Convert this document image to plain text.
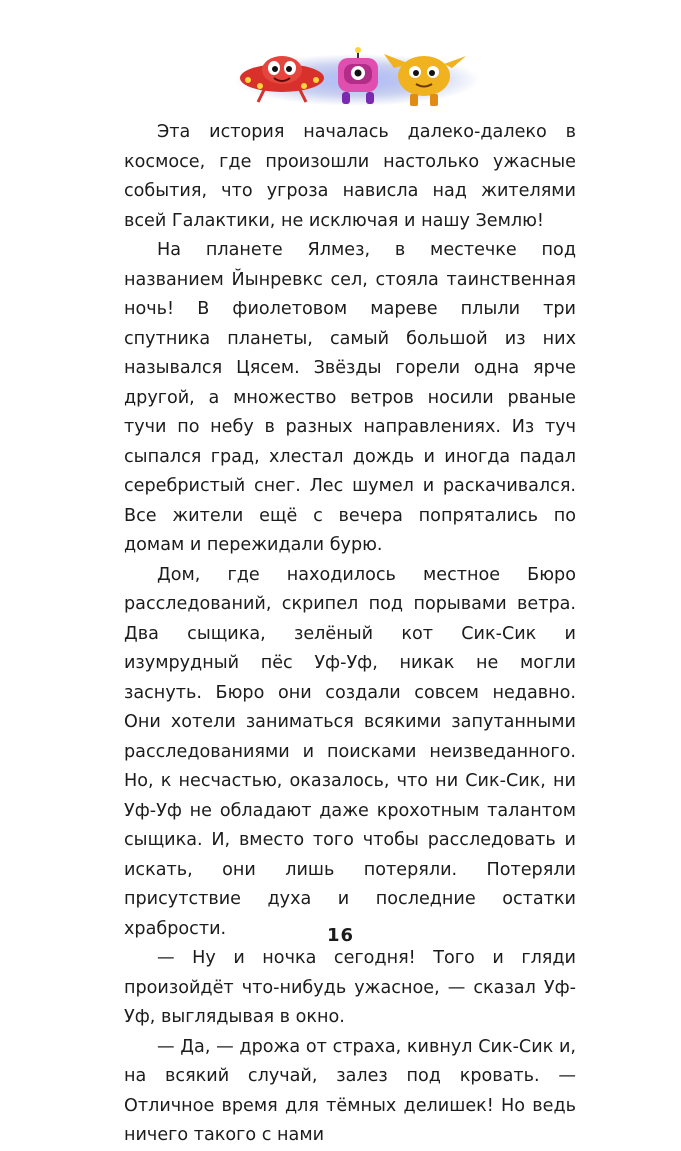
Эта история началась далеко-далеко в космосе, где произошли настолько ужасные события, что угроза нависла над жителями всей Галактики, не исключая и нашу Землю!

На планете Ялмез, в местечке под названием Йынревкс сел, стояла таинственная ночь! В фиолетовом мареве плыли три спутника планеты, самый большой из них назывался Цясем. Звёзды горели одна ярче другой, а множество ветров носили рваные тучи по небу в разных направлениях. Из туч сыпался град, хлестал дождь и иногда падал серебристый снег. Лес шумел и раскачивался. Все жители ещё с вечера попрятались по домам и пережидали бурю.

Дом, где находилось местное Бюро расследований, скрипел под порывами ветра. Два сыщика, зелёный кот Сик-Сик и изумрудный пёс Уф-Уф, никак не могли заснуть. Бюро они создали совсем недавно. Они хотели заниматься всякими запутанными расследованиями и поисками неизведанного. Но, к несчастью, оказалось, что ни Сик-Сик, ни Уф-Уф не обладают даже крохотным талантом сыщика. И, вместо того чтобы расследовать и искать, они лишь потеряли. Потеряли присутствие духа и последние остатки храбрости.

— Ну и ночка сегодня! Того и гляди произойдёт что-нибудь ужасное, — сказал Уф-Уф, выглядывая в окно.

— Да, — дрожа от страха, кивнул Сик-Сик и, на всякий случай, залез под кровать. — Отличное время для тёмных делишек! Но ведь ничего такого с нами

16
